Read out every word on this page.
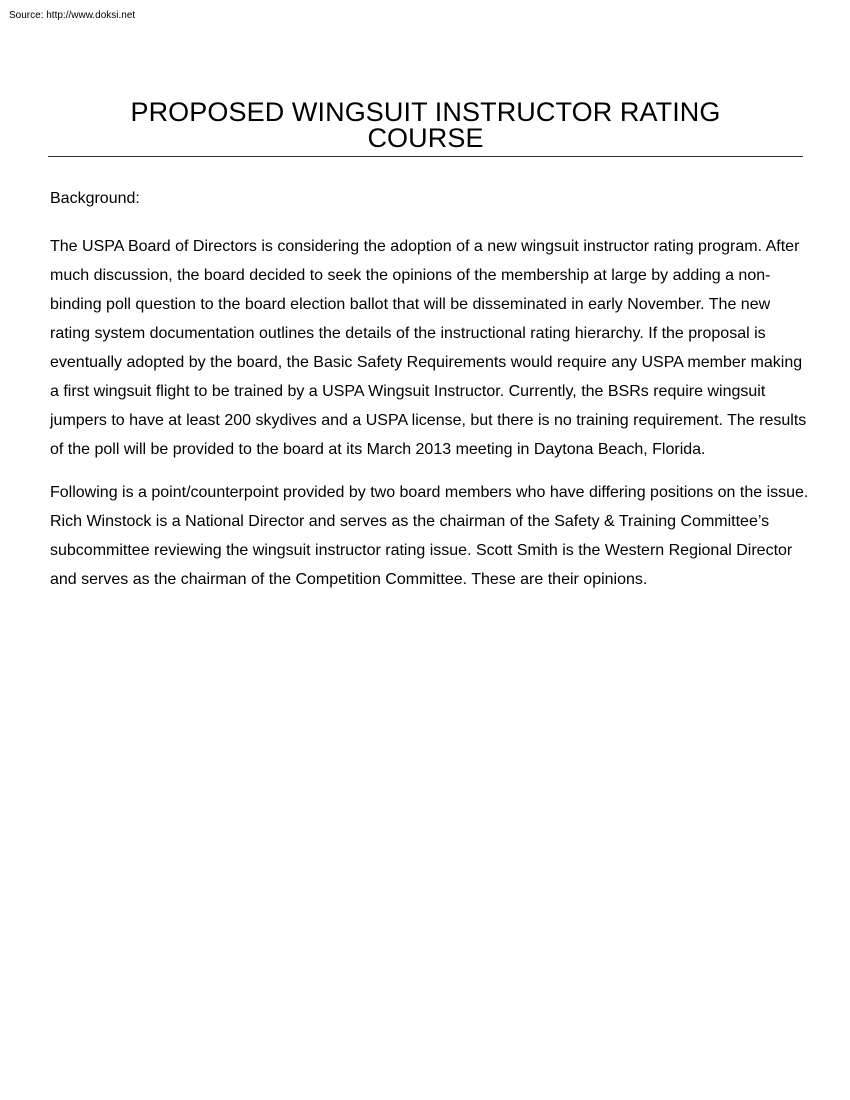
Source: http://www.doksi.net
PROPOSED WINGSUIT INSTRUCTOR RATING
COURSE

Background:

The USPA Board of Directors is considering the adoption of a new wingsuit instructor rating program. After much discussion, the board decided to seek the opinions of the membership at large by adding a non-binding poll question to the board election ballot that will be disseminated in early November. The new rating system documentation outlines the details of the instructional rating hierarchy. If the proposal is eventually adopted by the board, the Basic Safety Requirements would require any USPA member making a first wingsuit flight to be trained by a USPA Wingsuit Instructor. Currently, the BSRs require wingsuit jumpers to have at least 200 skydives and a USPA license, but there is no training requirement. The results of the poll will be provided to the board at its March 2013 meeting in Daytona Beach, Florida.

Following is a point/counterpoint provided by two board members who have differing positions on the issue. Rich Winstock is a National Director and serves as the chairman of the Safety & Training Committee’s subcommittee reviewing the wingsuit instructor rating issue. Scott Smith is the Western Regional Director and serves as the chairman of the Competition Committee. These are their opinions.
